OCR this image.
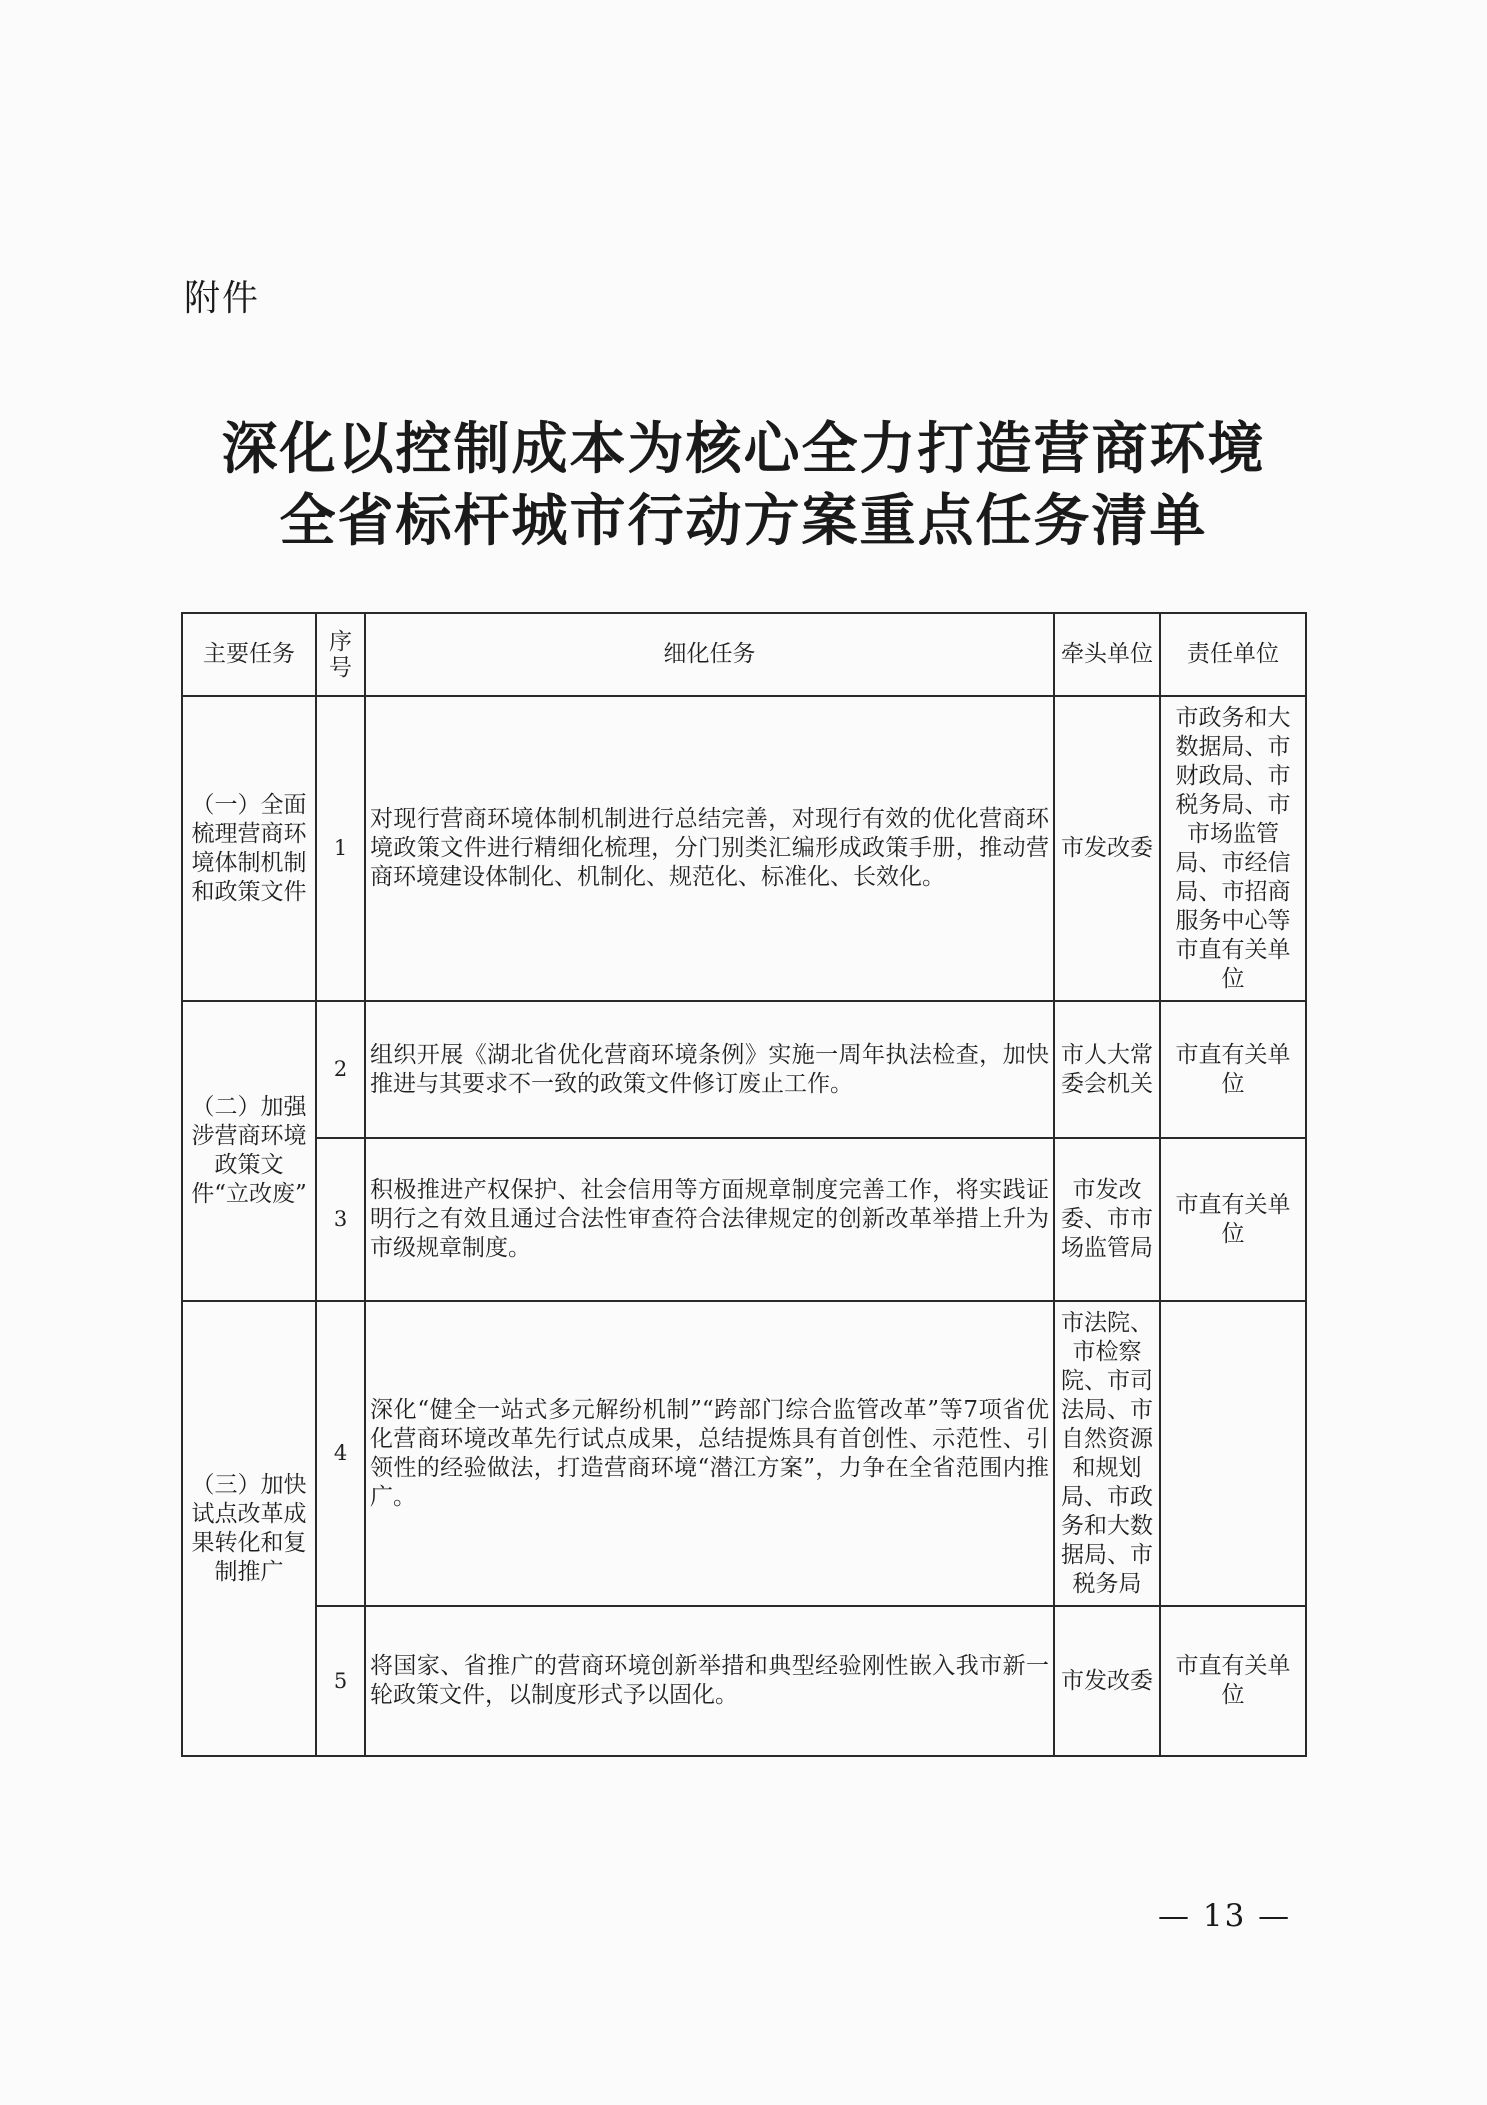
附件
深化以控制成本为核心全力打造营商环境
全省标杆城市行动方案重点任务清单
主要任务	序号	细化任务	牵头单位	责任单位
（一）全面梳理营商环境体制机制和政策文件	1	对现行营商环境体制机制进行总结完善，对现行有效的优化营商环境政策文件进行精细化梳理，分门别类汇编形成政策手册，推动营商环境建设体制化、机制化、规范化、标准化、长效化。	市发改委	市政务和大数据局、市财政局、市税务局、市市场监管局、市经信局、市招商服务中心等市直有关单位
（二）加强涉营商环境政策文件“立改废”	2	组织开展《湖北省优化营商环境条例》实施一周年执法检查，加快推进与其要求不一致的政策文件修订废止工作。	市人大常委会机关	市直有关单位
	3	积极推进产权保护、社会信用等方面规章制度完善工作，将实践证明行之有效且通过合法性审查符合法律规定的创新改革举措上升为市级规章制度。	市发改委、市市场监管局	市直有关单位
（三）加快试点改革成果转化和复制推广	4	深化“健全一站式多元解纷机制”“跨部门综合监管改革”等7项省优化营商环境改革先行试点成果，总结提炼具有首创性、示范性、引领性的经验做法，打造营商环境“潜江方案”，力争在全省范围内推广。	市法院、市检察院、市司法局、市自然资源和规划局、市政务和大数据局、市税务局	
	5	将国家、省推广的营商环境创新举措和典型经验刚性嵌入我市新一轮政策文件，以制度形式予以固化。	市发改委	市直有关单位
— 13 —
